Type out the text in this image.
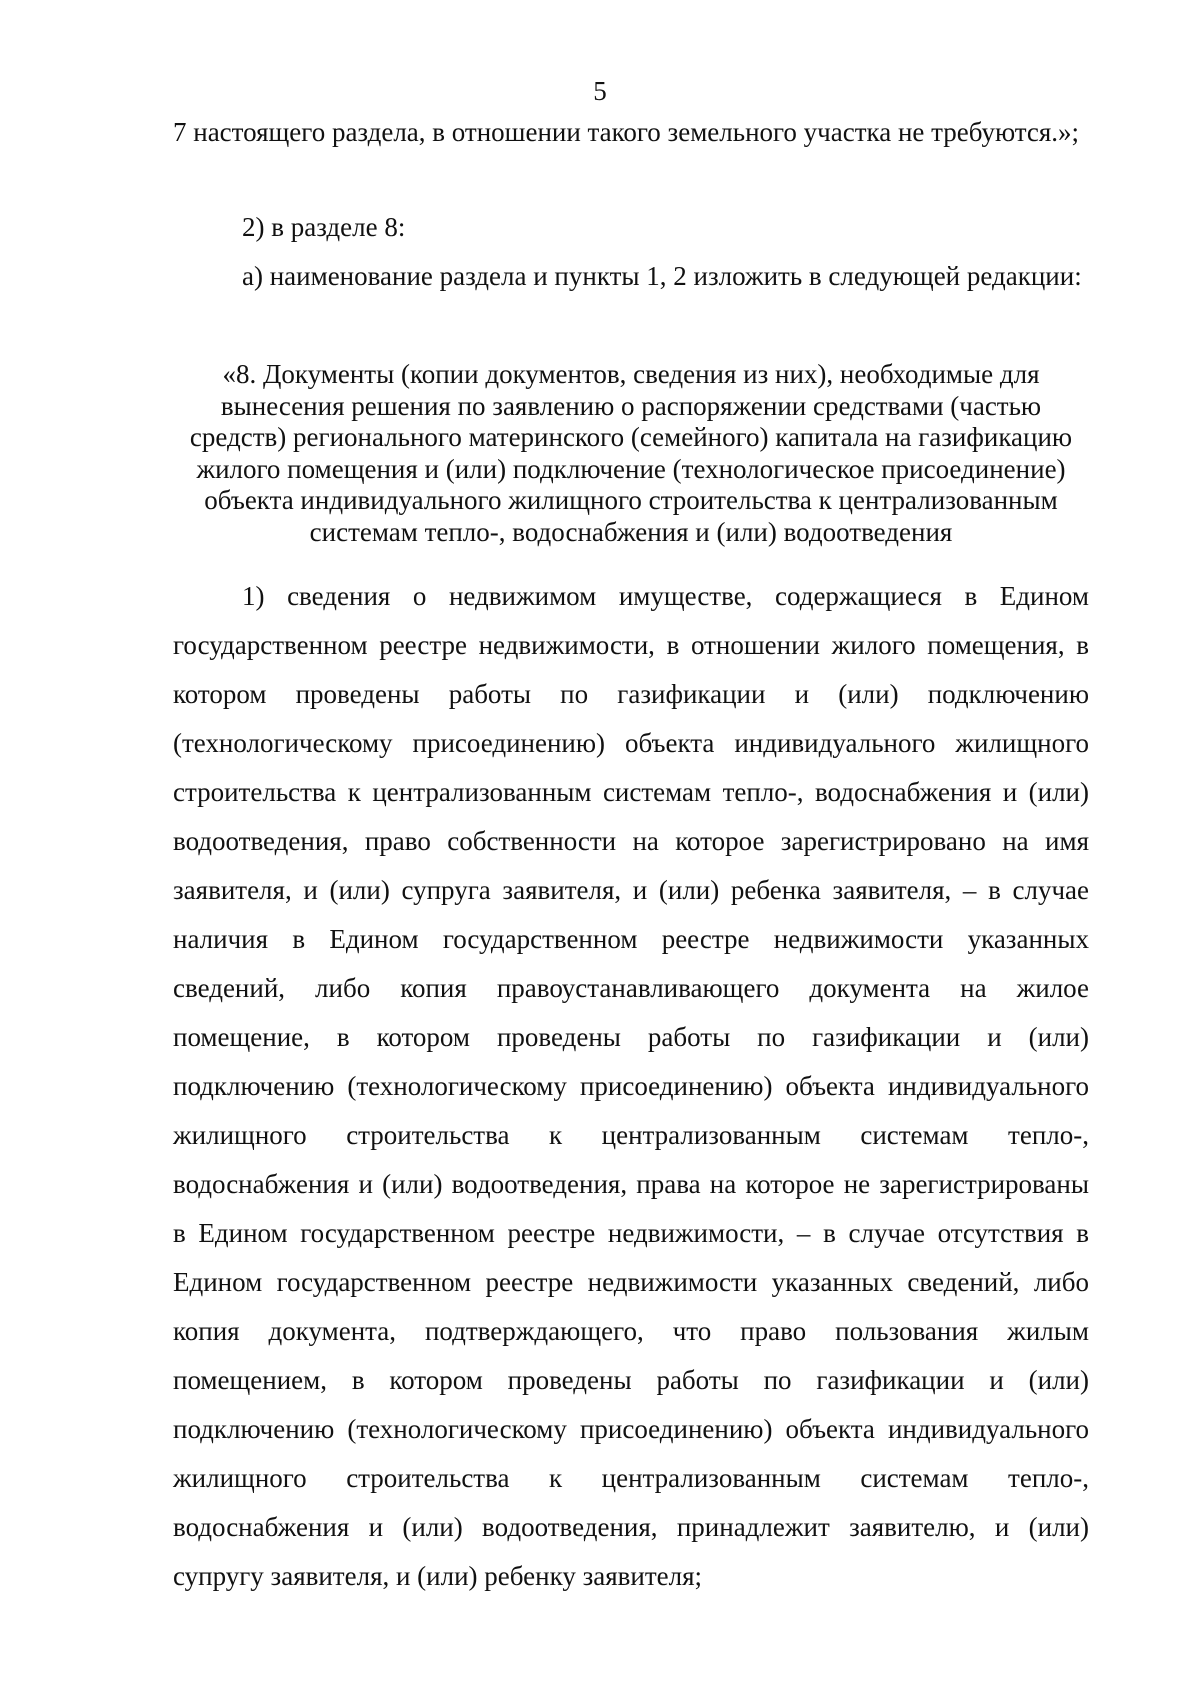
5

7 настоящего раздела, в отношении такого земельного участка не требуются.»;

2) в разделе 8:

а) наименование раздела и пункты 1, 2 изложить в следующей редакции:

«8. Документы (копии документов, сведения из них), необходимые для вынесения решения по заявлению о распоряжении средствами (частью средств) регионального материнского (семейного) капитала на газификацию жилого помещения и (или) подключение (технологическое присоединение) объекта индивидуального жилищного строительства к централизованным системам тепло-, водоснабжения и (или) водоотведения

1) сведения о недвижимом имуществе, содержащиеся в Едином государственном реестре недвижимости, в отношении жилого помещения, в котором проведены работы по газификации и (или) подключению (технологическому присоединению) объекта индивидуального жилищного строительства к централизованным системам тепло-, водоснабжения и (или) водоотведения, право собственности на которое зарегистрировано на имя заявителя, и (или) супруга заявителя, и (или) ребенка заявителя, – в случае наличия в Едином государственном реестре недвижимости указанных сведений, либо копия правоустанавливающего документа на жилое помещение, в котором проведены работы по газификации и (или) подключению (технологическому присоединению) объекта индивидуального жилищного строительства к централизованным системам тепло-, водоснабжения и (или) водоотведения, права на которое не зарегистрированы в Едином государственном реестре недвижимости, – в случае отсутствия в Едином государственном реестре недвижимости указанных сведений, либо копия документа, подтверждающего, что право пользования жилым помещением, в котором проведены работы по газификации и (или) подключению (технологическому присоединению) объекта индивидуального жилищного строительства к централизованным системам тепло-, водоснабжения и (или) водоотведения, принадлежит заявителю, и (или) супругу заявителя, и (или) ребенку заявителя;
